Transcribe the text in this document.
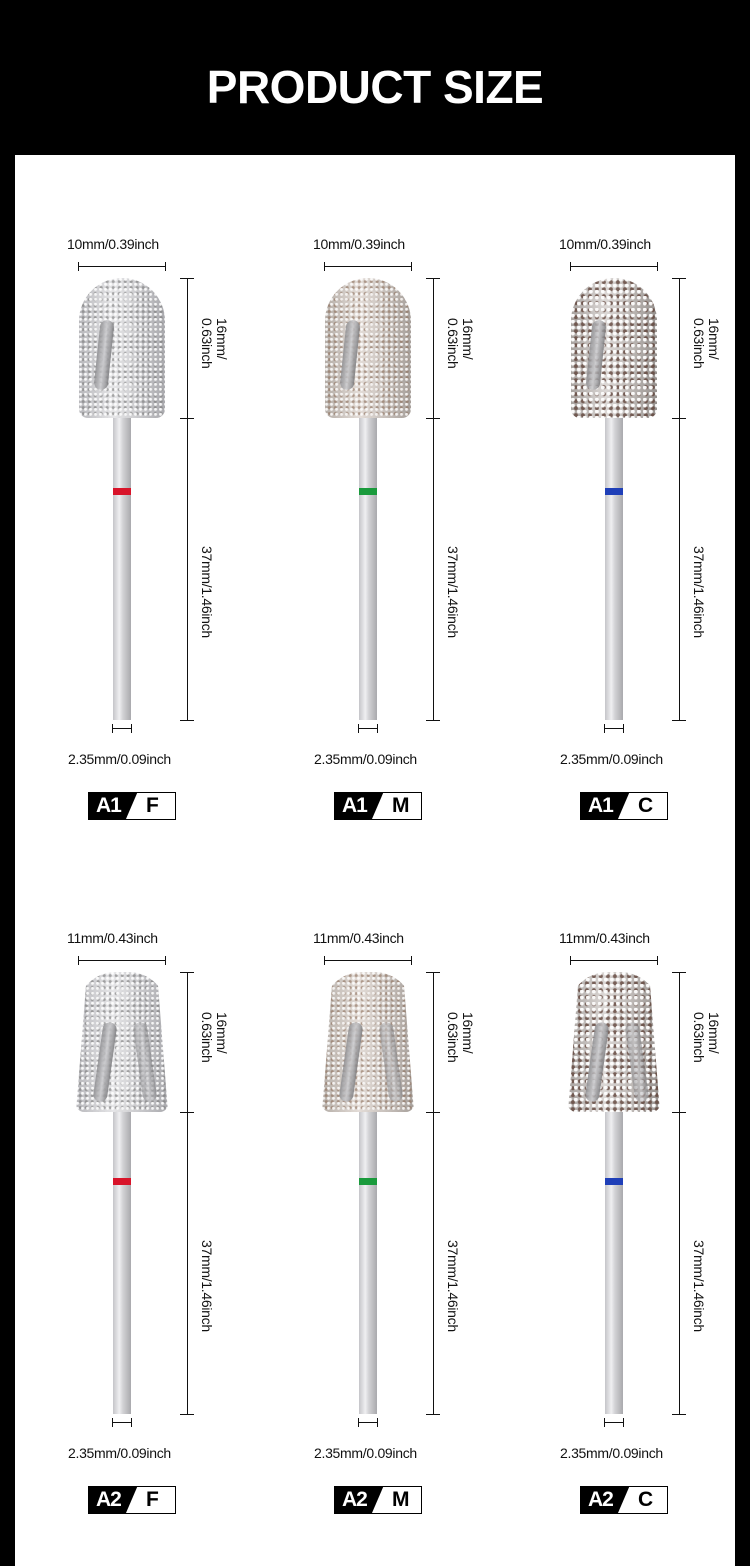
PRODUCT SIZE
10mm/0.39inch
16mm/
0.63inch
37mm/1.46inch
2.35mm/0.09inch
A1 F
10mm/0.39inch
16mm/
0.63inch
37mm/1.46inch
2.35mm/0.09inch
A1 M
10mm/0.39inch
16mm/
0.63inch
37mm/1.46inch
2.35mm/0.09inch
A1 C
11mm/0.43inch
16mm/
0.63inch
37mm/1.46inch
2.35mm/0.09inch
A2 F
11mm/0.43inch
16mm/
0.63inch
37mm/1.46inch
2.35mm/0.09inch
A2 M
11mm/0.43inch
16mm/
0.63inch
37mm/1.46inch
2.35mm/0.09inch
A2 C
